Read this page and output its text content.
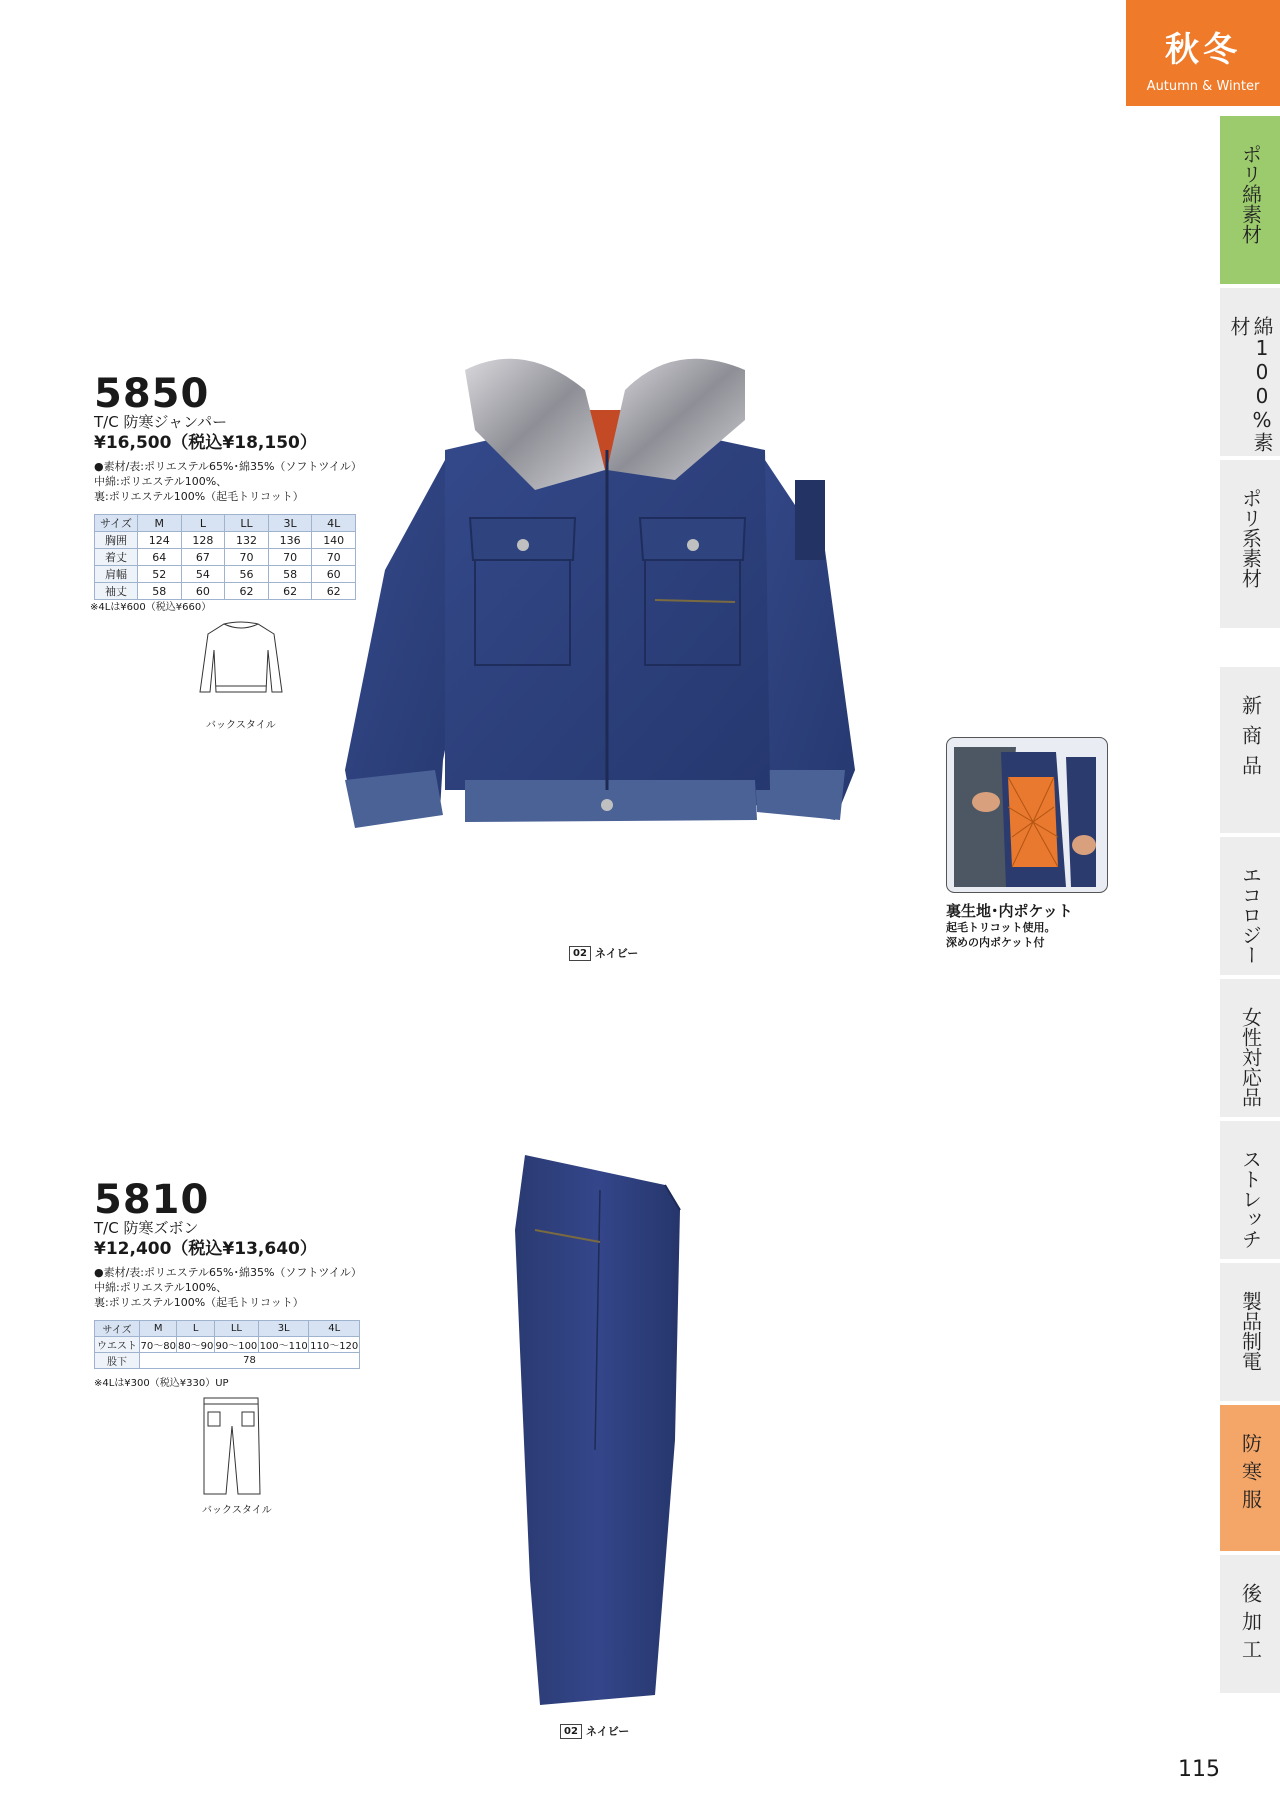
秋冬
Autumn & Winter
ポリ綿素材
綿100%素材
ポリ系素材
新商品
エコロジー
女性対応品
ストレッチ
製品制電
防寒服
後加工
5850
T/C 防寒ジャンパー
¥16,500（税込¥18,150）
●素材/表:ポリエステル65%･綿35%（ソフトツイル）
中綿:ポリエステル100%、
裏:ポリエステル100%（起毛トリコット）
サイズ	M	L	LL	3L	4L
胸囲	124	128	132	136	140
着丈	64	67	70	70	70
肩幅	52	54	56	58	60
袖丈	58	60	62	62	62
※4Lは¥600（税込¥660）
バックスタイル
02 ネイビー
裏生地･内ポケット
起毛トリコット使用。
深めの内ポケット付
5810
T/C 防寒ズボン
¥12,400（税込¥13,640）
●素材/表:ポリエステル65%･綿35%（ソフトツイル）
中綿:ポリエステル100%、
裏:ポリエステル100%（起毛トリコット）
サイズ	M	L	LL	3L	4L
ウエスト	70～80	80～90	90～100	100～110	110～120
股下	78				
※4Lは¥300（税込¥330）UP
バックスタイル
02 ネイビー
115
